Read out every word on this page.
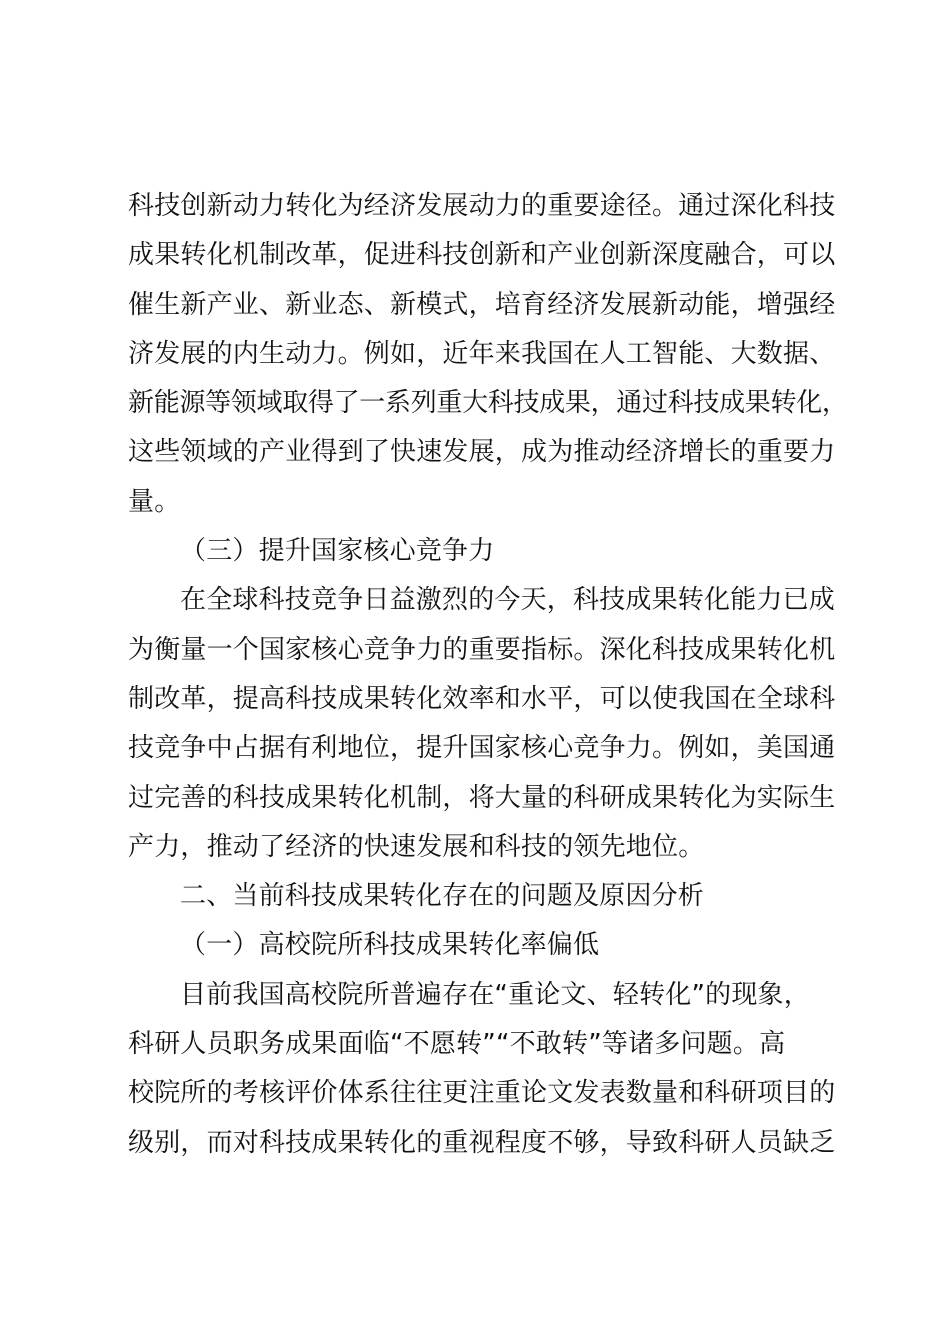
科技创新动力转化为经济发展动力的重要途径。通过深化科技
成果转化机制改革，促进科技创新和产业创新深度融合，可以
催生新产业、新业态、新模式，培育经济发展新动能，增强经
济发展的内生动力。例如，近年来我国在人工智能、大数据、
新能源等领域取得了一系列重大科技成果，通过科技成果转化，
这些领域的产业得到了快速发展，成为推动经济增长的重要力
量。
（三）提升国家核心竞争力
在全球科技竞争日益激烈的今天，科技成果转化能力已成
为衡量一个国家核心竞争力的重要指标。深化科技成果转化机
制改革，提高科技成果转化效率和水平，可以使我国在全球科
技竞争中占据有利地位，提升国家核心竞争力。例如，美国通
过完善的科技成果转化机制，将大量的科研成果转化为实际生
产力，推动了经济的快速发展和科技的领先地位。
二、当前科技成果转化存在的问题及原因分析
（一）高校院所科技成果转化率偏低
目前我国高校院所普遍存在“重论文、轻转化”的现象，
科研人员职务成果面临“不愿转”“不敢转”等诸多问题。高
校院所的考核评价体系往往更注重论文发表数量和科研项目的
级别，而对科技成果转化的重视程度不够，导致科研人员缺乏
